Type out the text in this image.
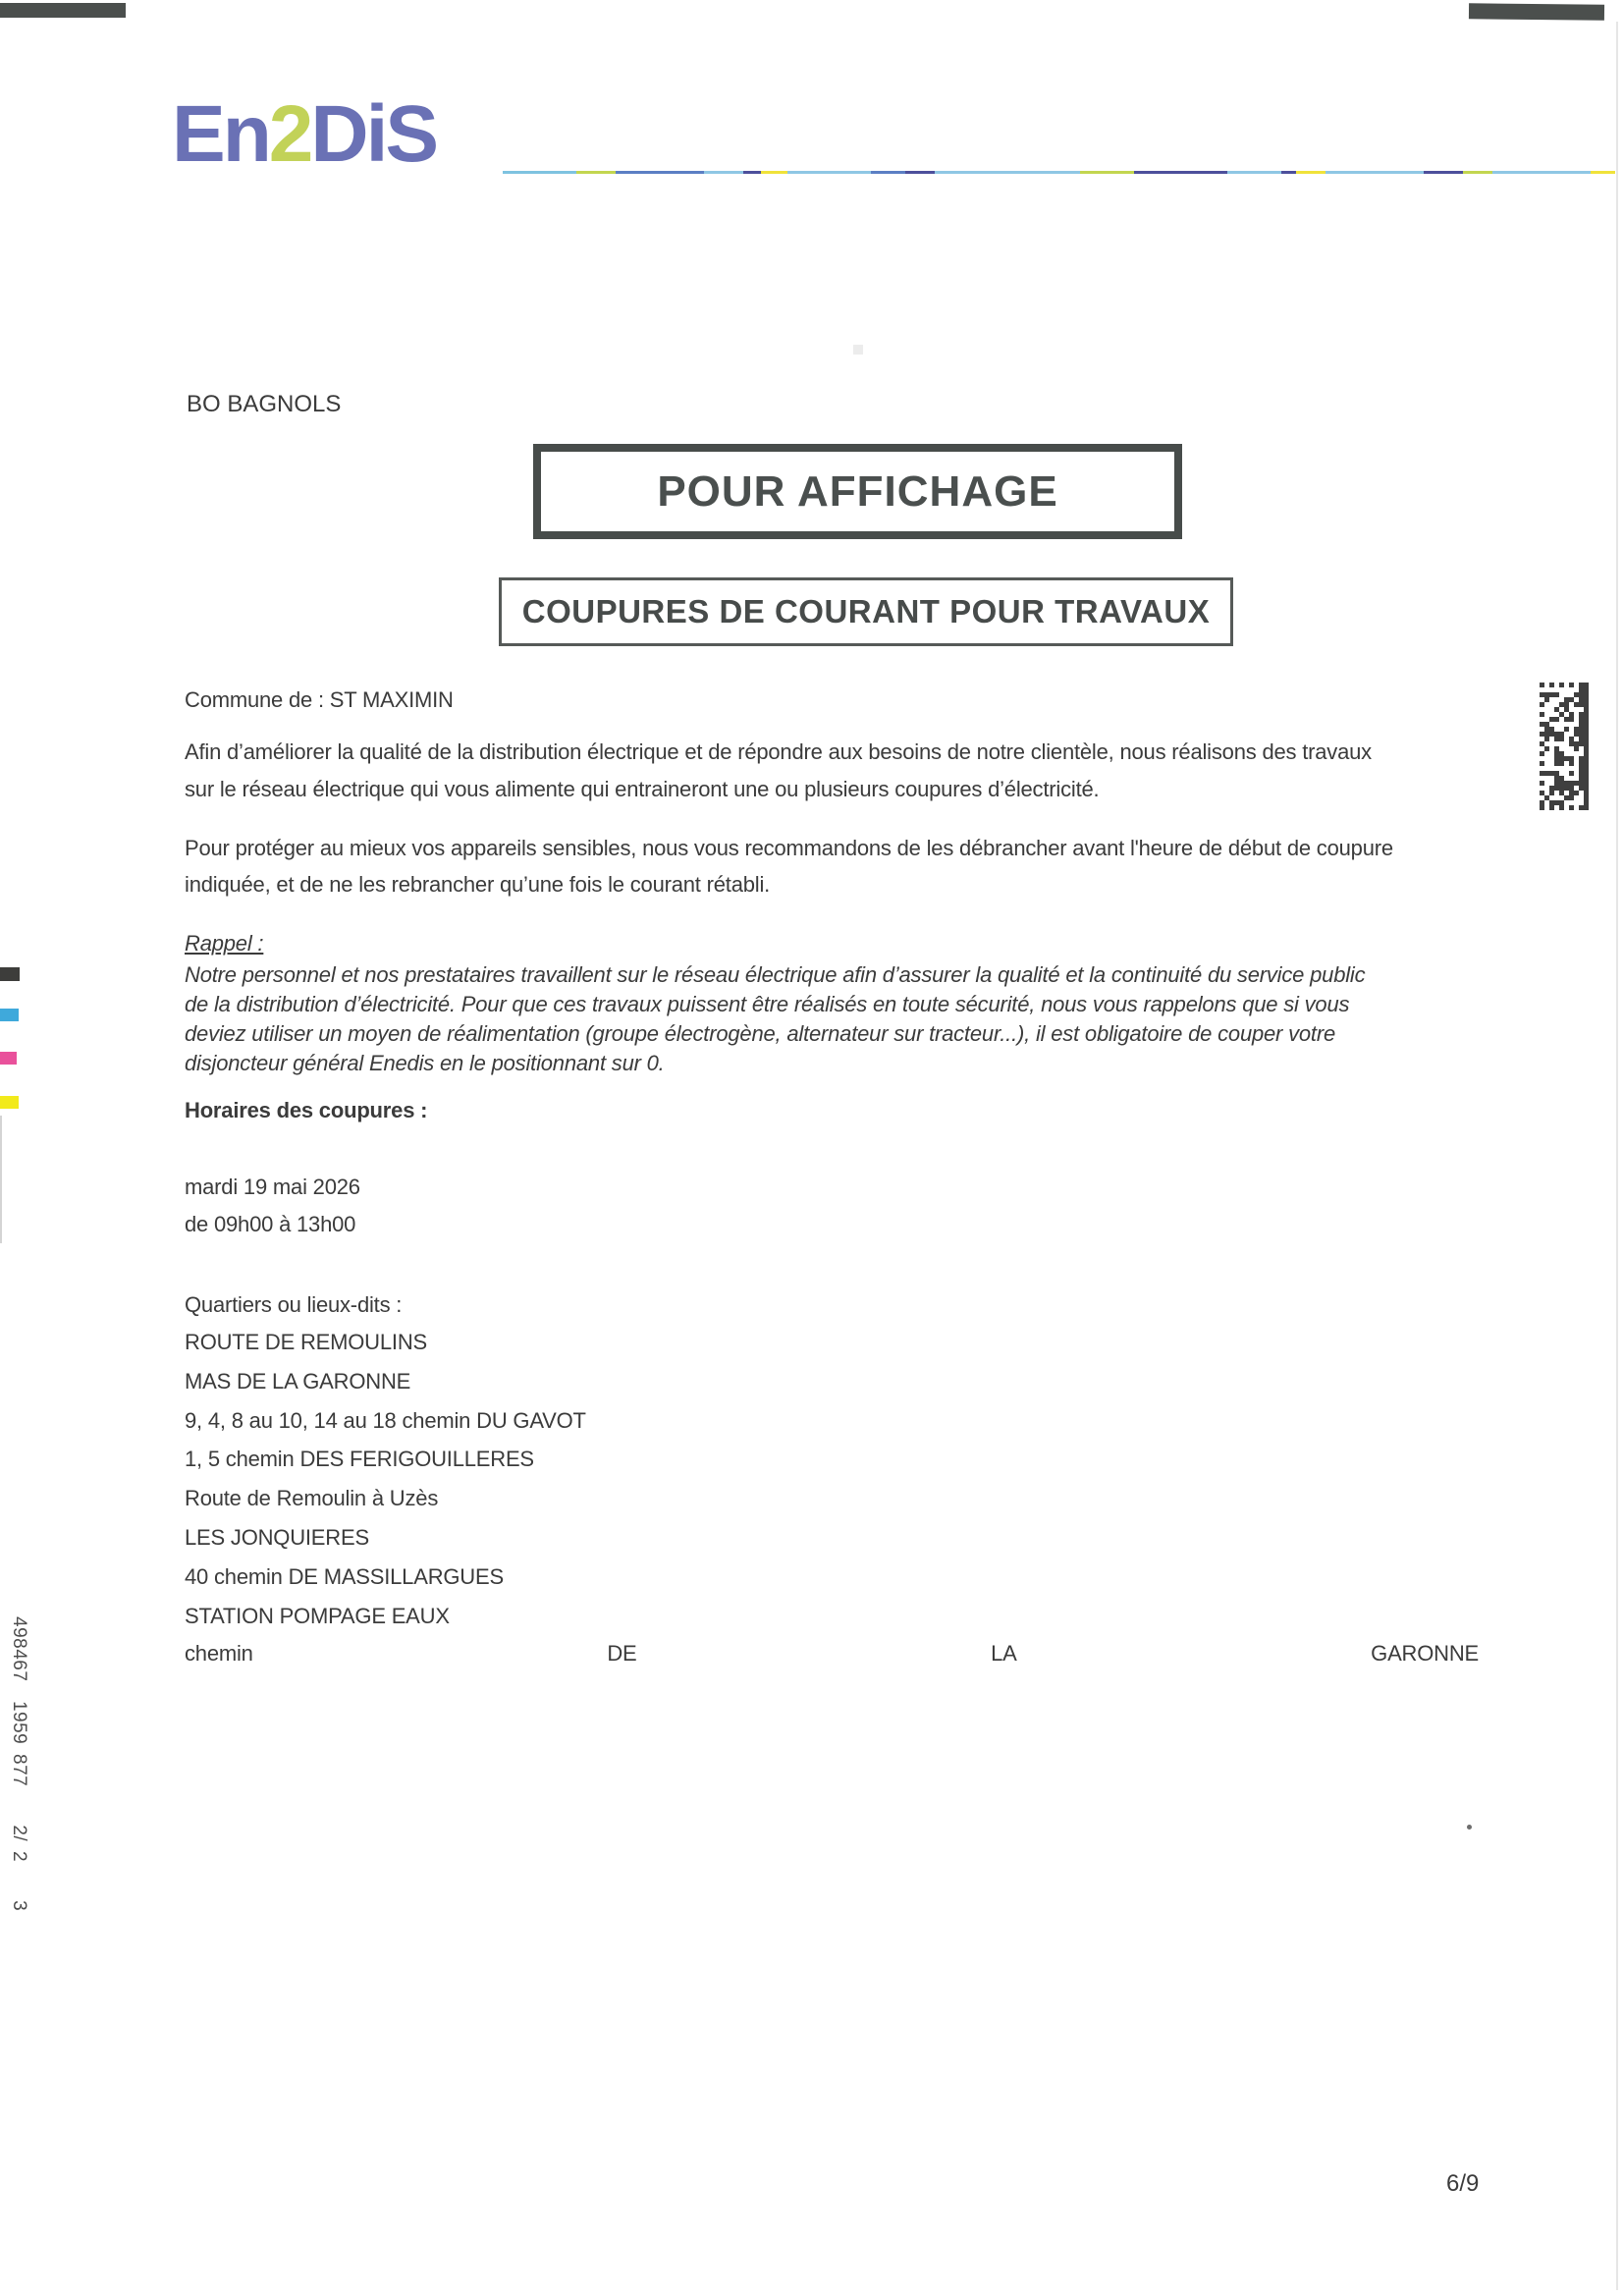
En2DiS
BO BAGNOLS
POUR AFFICHAGE
COUPURES DE COURANT POUR TRAVAUX
Commune de : ST MAXIMIN
Afin d’améliorer la qualité de la distribution électrique et de répondre aux besoins de notre clientèle, nous réalisons des travaux
sur le réseau électrique qui vous alimente qui entraineront une ou plusieurs coupures d’électricité.
Pour protéger au mieux vos appareils sensibles, nous vous recommandons de les débrancher avant l'heure de début de coupure
indiquée, et de ne les rebrancher qu’une fois le courant rétabli.
Rappel :
Notre personnel et nos prestataires travaillent sur le réseau électrique afin d’assurer la qualité et la continuité du service public
de la distribution d’électricité. Pour que ces travaux puissent être réalisés en toute sécurité, nous vous rappelons que si vous
deviez utiliser un moyen de réalimentation (groupe électrogène, alternateur sur tracteur...), il est obligatoire de couper votre
disjoncteur général Enedis en le positionnant sur 0.
Horaires des coupures :
mardi 19 mai 2026
de 09h00 à 13h00
Quartiers ou lieux-dits :
ROUTE DE REMOULINS
MAS DE LA GARONNE
9, 4, 8 au 10, 14 au 18 chemin DU GAVOT
1, 5 chemin DES FERIGOUILLERES
Route de Remoulin à Uzès
LES JONQUIERES
40 chemin DE MASSILLARGUES
STATION POMPAGE EAUX
chemin	DE	LA	GARONNE
498467  1959 877    2/ 2    3
6/9
